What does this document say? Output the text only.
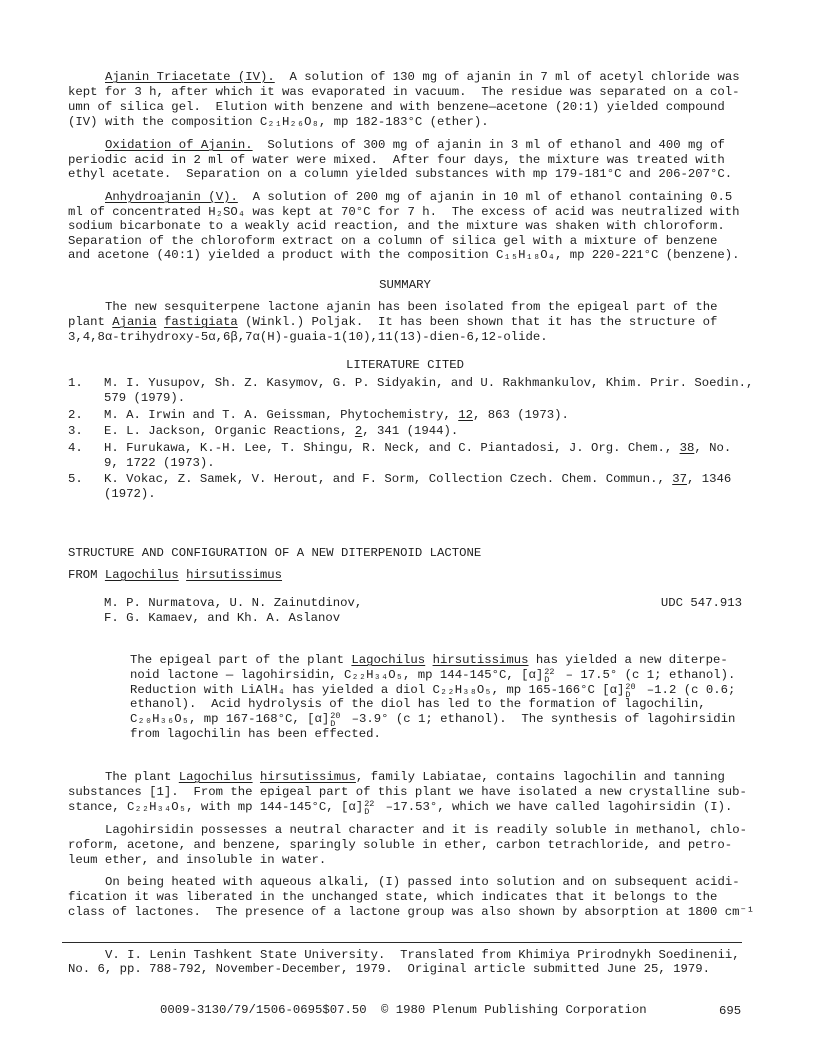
Ajanin Triacetate (IV).  A solution of 130 mg of ajanin in 7 ml of acetyl chloride was
kept for 3 h, after which it was evaporated in vacuum.  The residue was separated on a col-
umn of silica gel.  Elution with benzene and with benzene—acetone (20:1) yielded compound
(IV) with the composition C₂₁H₂₆O₈, mp 182-183°C (ether).
Oxidation of Ajanin.  Solutions of 300 mg of ajanin in 3 ml of ethanol and 400 mg of
periodic acid in 2 ml of water were mixed.  After four days, the mixture was treated with
ethyl acetate.  Separation on a column yielded substances with mp 179-181°C and 206-207°C.
Anhydroajanin (V).  A solution of 200 mg of ajanin in 10 ml of ethanol containing 0.5
ml of concentrated H₂SO₄ was kept at 70°C for 7 h.  The excess of acid was neutralized with
sodium bicarbonate to a weakly acid reaction, and the mixture was shaken with chloroform.
Separation of the chloroform extract on a column of silica gel with a mixture of benzene
and acetone (40:1) yielded a product with the composition C₁₅H₁₈O₄, mp 220-221°C (benzene).
SUMMARY
The new sesquiterpene lactone ajanin has been isolated from the epigeal part of the
plant Ajania fastigiata (Winkl.) Poljak.  It has been shown that it has the structure of
3,4,8α-trihydroxy-5α,6β,7α(H)-guaia-1(10),11(13)-dien-6,12-olide.
LITERATURE CITED
1.	M. I. Yusupov, Sh. Z. Kasymov, G. P. Sidyakin, and U. Rakhmankulov, Khim. Prir. Soedin.,
579 (1979).
2.	M. A. Irwin and T. A. Geissman, Phytochemistry, 12, 863 (1973).
3.	E. L. Jackson, Organic Reactions, 2, 341 (1944).
4.	H. Furukawa, K.-H. Lee, T. Shingu, R. Neck, and C. Piantadosi, J. Org. Chem., 38, No.
9, 1722 (1973).
5.	K. Vokac, Z. Samek, V. Herout, and F. Sorm, Collection Czech. Chem. Commun., 37, 1346
(1972).
STRUCTURE AND CONFIGURATION OF A NEW DITERPENOID LACTONE
FROM Lagochilus hirsutissimus
M. P. Nurmatova, U. N. Zainutdinov,
F. G. Kamaev, and Kh. A. Aslanov
UDC 547.913
The epigeal part of the plant Lagochilus hirsutissimus has yielded a new diterpe-
noid lactone — lagohirsidin, C₂₂H₃₄O₅, mp 144-145°C, [α] 22
D – 17.5° (c 1; ethanol).
Reduction with LiAlH₄ has yielded a diol C₂₂H₃₈O₅, mp 165-166°C [α] 20
D –1.2 (c 0.6;
ethanol).  Acid hydrolysis of the diol has led to the formation of lagochilin,
C₂₀H₃₆O₅, mp 167-168°C, [α] 20
D –3.9° (c 1; ethanol).  The synthesis of lagohirsidin
from lagochilin has been effected.
The plant Lagochilus hirsutissimus, family Labiatae, contains lagochilin and tanning
substances [1].  From the epigeal part of this plant we have isolated a new crystalline sub-
stance, C₂₂H₃₄O₅, with mp 144-145°C, [α] 22
D –17.53°, which we have called lagohirsidin (I).
Lagohirsidin possesses a neutral character and it is readily soluble in methanol, chlo-
roform, acetone, and benzene, sparingly soluble in ether, carbon tetrachloride, and petro-
leum ether, and insoluble in water.
On being heated with aqueous alkali, (I) passed into solution and on subsequent acidi-
fication it was liberated in the unchanged state, which indicates that it belongs to the
class of lactones.  The presence of a lactone group was also shown by absorption at 1800 cm⁻¹
V. I. Lenin Tashkent State University.  Translated from Khimiya Prirodnykh Soedinenii,
No. 6, pp. 788-792, November-December, 1979.  Original article submitted June 25, 1979.
0009-3130/79/1506-0695$07.50 © 1980 Plenum Publishing Corporation	695
